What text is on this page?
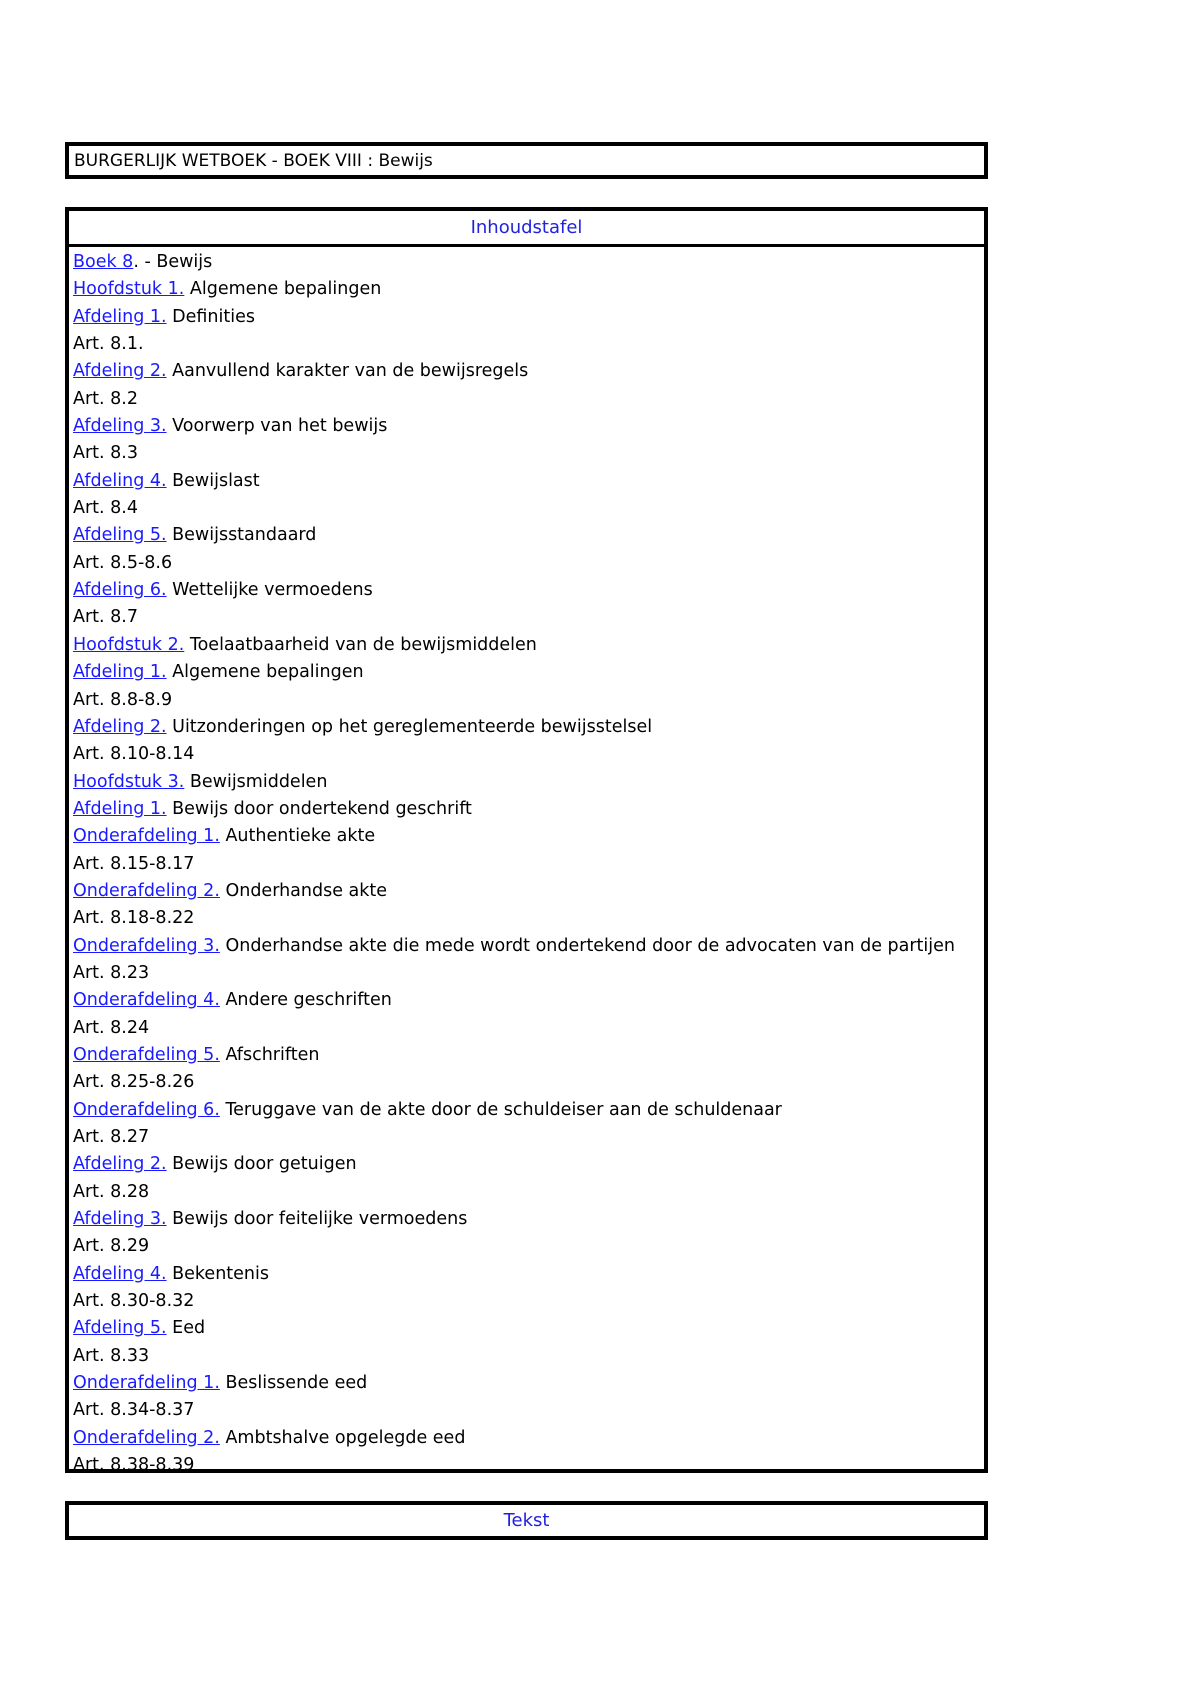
BURGERLIJK WETBOEK - BOEK VIII : Bewijs
Inhoudstafel
Boek 8. - Bewijs
Hoofdstuk 1. Algemene bepalingen
Afdeling 1. Definities
Art. 8.1.
Afdeling 2. Aanvullend karakter van de bewijsregels
Art. 8.2
Afdeling 3. Voorwerp van het bewijs
Art. 8.3
Afdeling 4. Bewijslast
Art. 8.4
Afdeling 5. Bewijsstandaard
Art. 8.5-8.6
Afdeling 6. Wettelijke vermoedens
Art. 8.7
Hoofdstuk 2. Toelaatbaarheid van de bewijsmiddelen
Afdeling 1. Algemene bepalingen
Art. 8.8-8.9
Afdeling 2. Uitzonderingen op het gereglementeerde bewijsstelsel
Art. 8.10-8.14
Hoofdstuk 3. Bewijsmiddelen
Afdeling 1. Bewijs door ondertekend geschrift
Onderafdeling 1. Authentieke akte
Art. 8.15-8.17
Onderafdeling 2. Onderhandse akte
Art. 8.18-8.22
Onderafdeling 3. Onderhandse akte die mede wordt ondertekend door de advocaten van de partijen
Art. 8.23
Onderafdeling 4. Andere geschriften
Art. 8.24
Onderafdeling 5. Afschriften
Art. 8.25-8.26
Onderafdeling 6. Teruggave van de akte door de schuldeiser aan de schuldenaar
Art. 8.27
Afdeling 2. Bewijs door getuigen
Art. 8.28
Afdeling 3. Bewijs door feitelijke vermoedens
Art. 8.29
Afdeling 4. Bekentenis
Art. 8.30-8.32
Afdeling 5. Eed
Art. 8.33
Onderafdeling 1. Beslissende eed
Art. 8.34-8.37
Onderafdeling 2. Ambtshalve opgelegde eed
Art. 8.38-8.39
Tekst
